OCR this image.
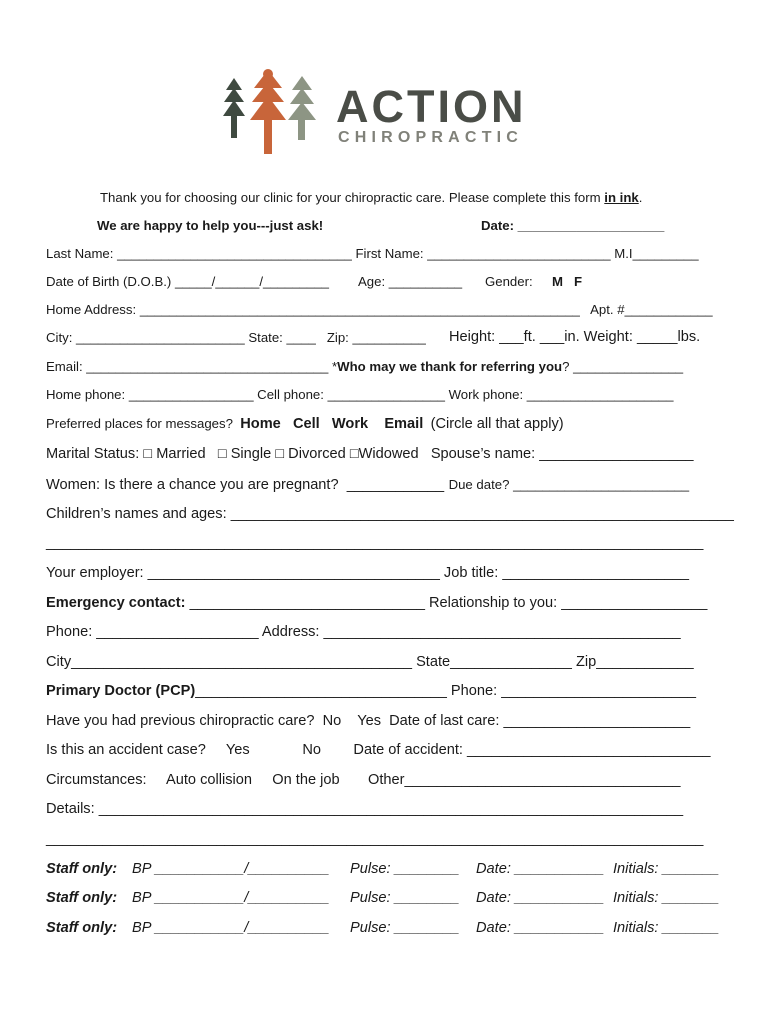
ACTION
CHIROPRACTIC
Thank you for choosing our clinic for your chiropractic care. Please complete this form in ink.
We are happy to help you---just ask!	Date: ____________________
Last Name: ________________________________ First Name: _________________________ M.I_________
Date of Birth (D.O.B.) _____/______/_________ Age: __________ Gender: M   F
Home Address: ____________________________________________________________   Apt. #____________
City: _______________________ State: ____   Zip: __________ Height: ___ft. ___in. Weight: _____lbs.
Email: _________________________________ *Who may we thank for referring you? _______________
Home phone: _________________ Cell phone: ________________ Work phone: ____________________
Preferred places for messages? Home   Cell   Work    Email (Circle all that apply)
Marital Status: □ Married   □ Single □ Divorced □Widowed   Spouse’s name: ___________________
Women: Is there a chance you are pregnant?  ____________ Due date? ________________________
Children’s names and ages: ______________________________________________________________
_________________________________________________________________________________
Your employer: ____________________________________ Job title: _______________________
Emergency contact: _____________________________ Relationship to you: __________________
Phone: ____________________ Address: ____________________________________________
City__________________________________________ State_______________ Zip____________
Primary Doctor (PCP)_______________________________ Phone: ________________________
Have you had previous chiropractic care?  No    Yes  Date of last care: _______________________
Is this an accident case?     Yes             No        Date of accident: ______________________________
Circumstances:     Auto collision     On the job       Other__________________________________
Details: ________________________________________________________________________
_________________________________________________________________________________
Staff only: BP ___________/__________ Pulse: ________ Date: ___________ Initials: _______
Staff only: BP ___________/__________ Pulse: ________ Date: ___________ Initials: _______
Staff only: BP ___________/__________ Pulse: ________ Date: ___________ Initials: _______
